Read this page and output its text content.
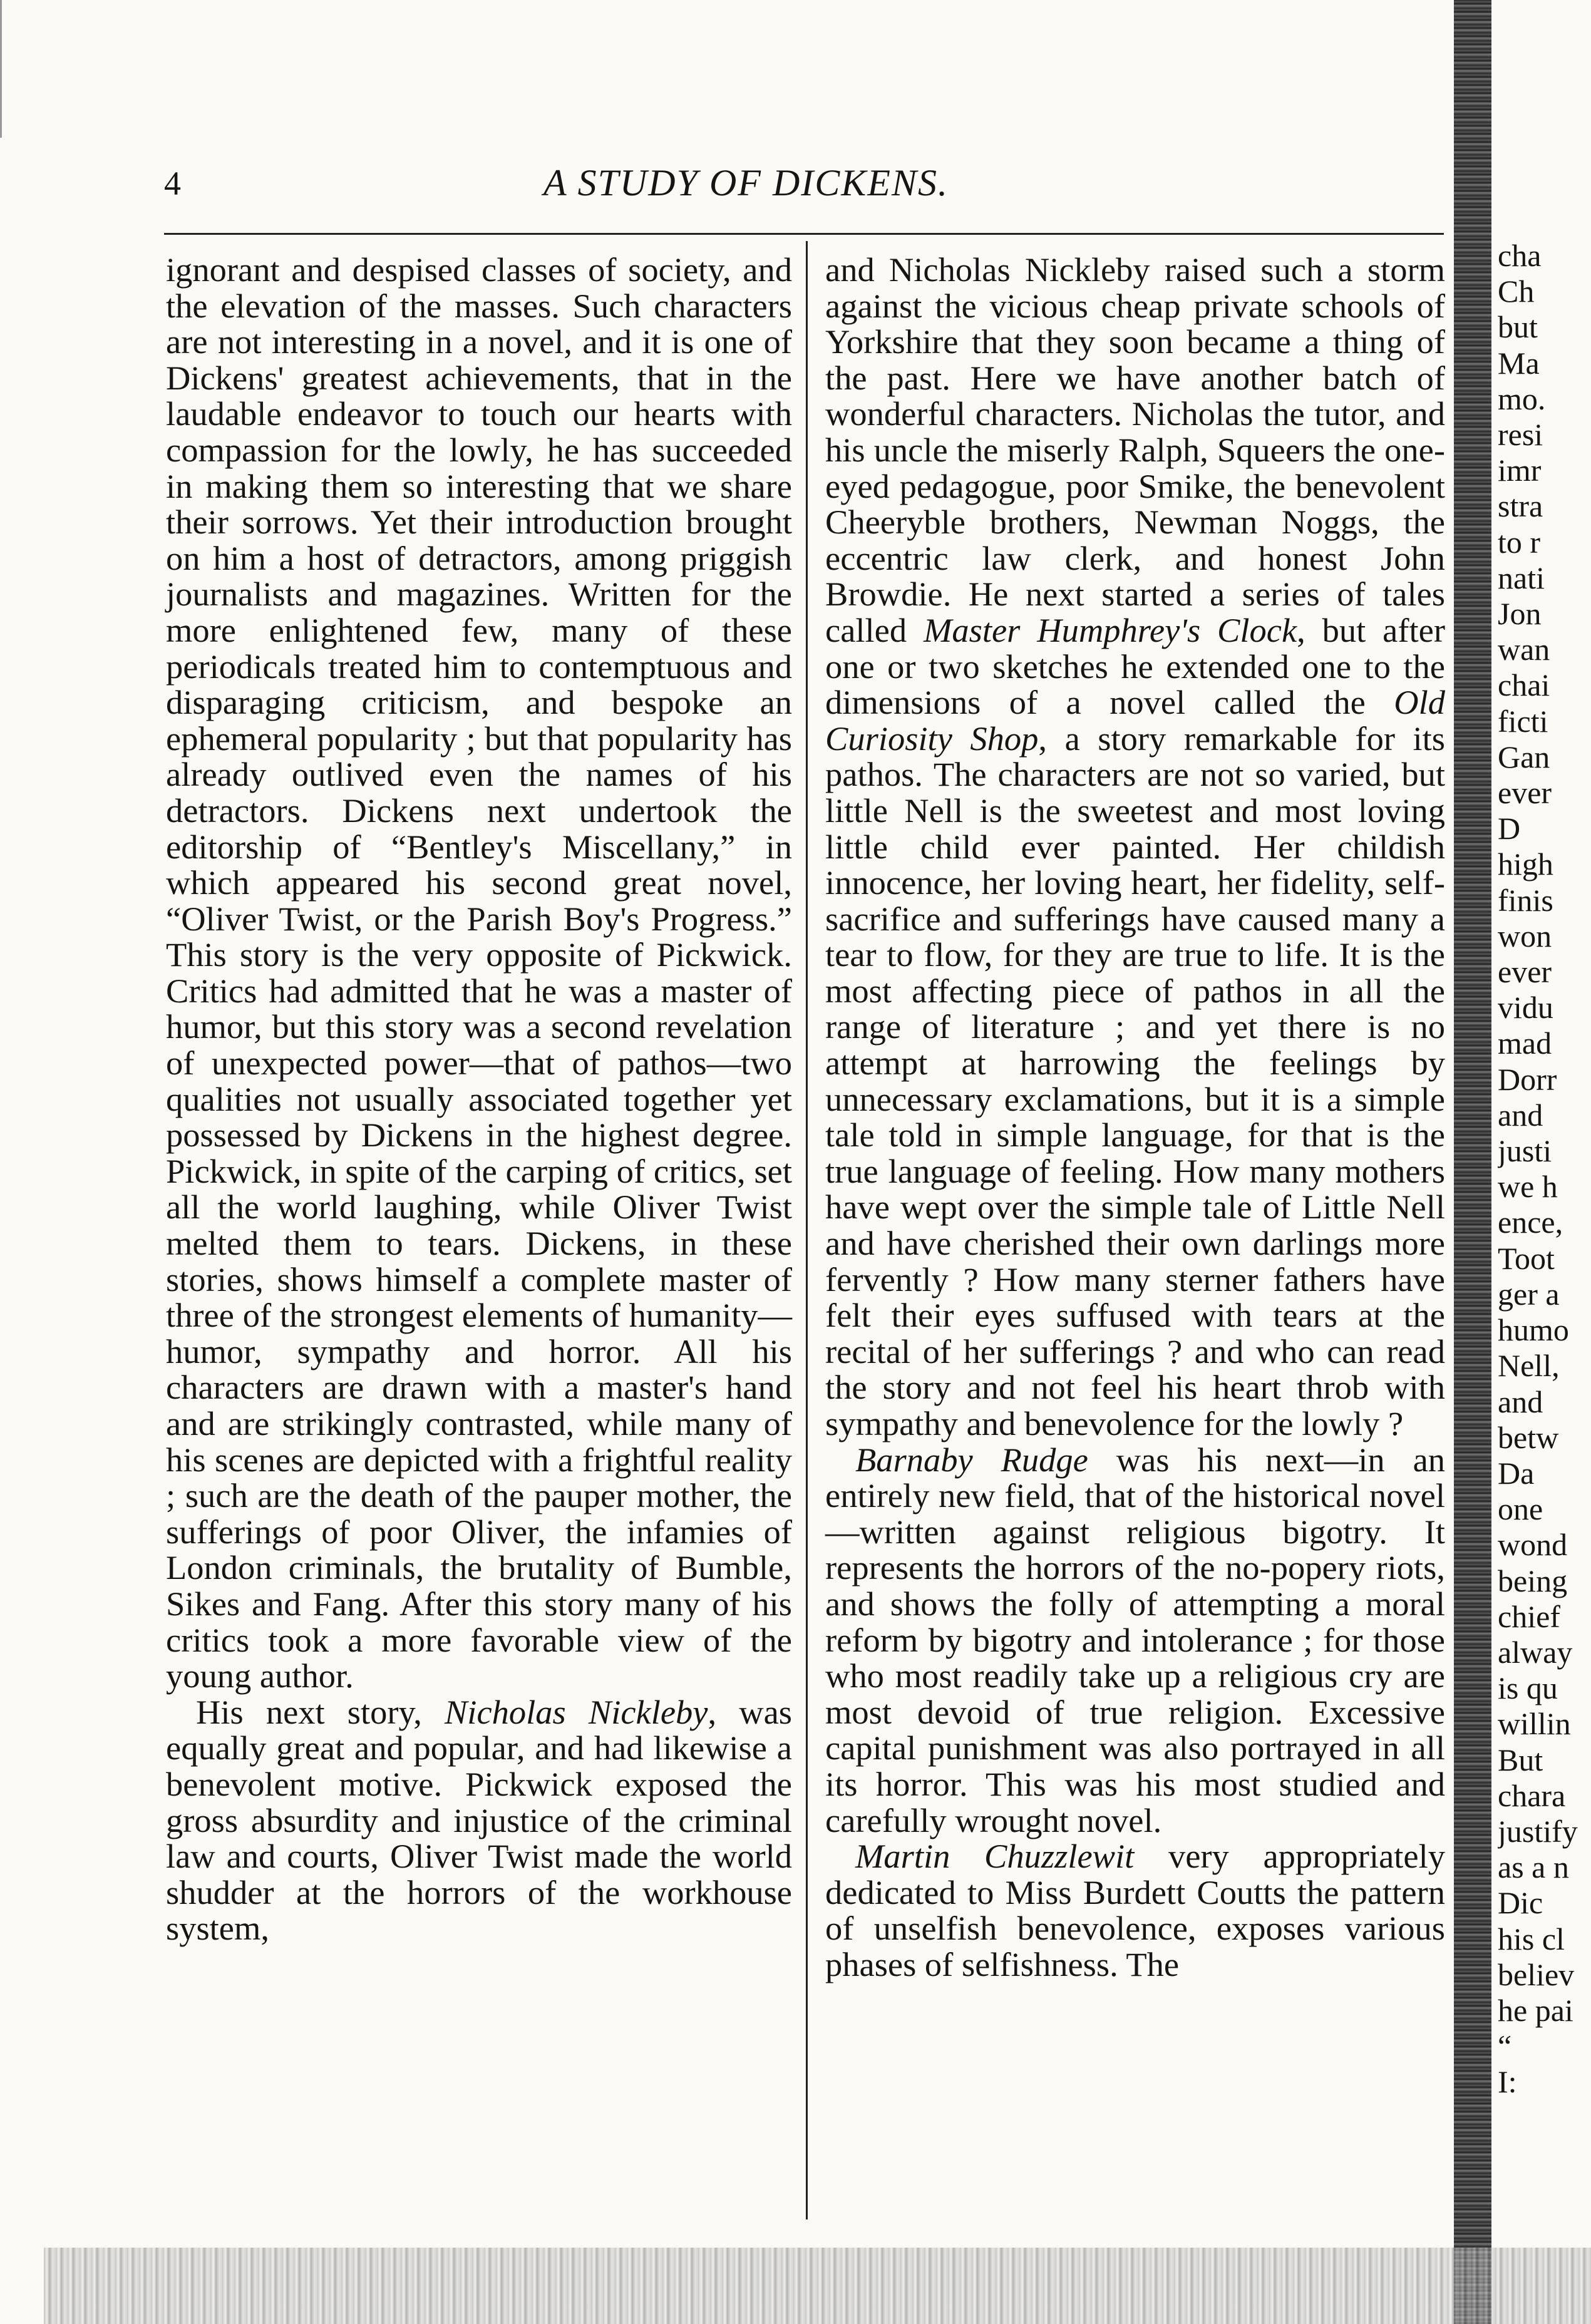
4	A STUDY OF DICKENS.

ignorant and despised classes of society, and the elevation of the masses. Such characters are not interesting in a novel, and it is one of Dickens' greatest achievements, that in the laudable endeavor to touch our hearts with compassion for the lowly, he has succeeded in making them so interesting that we share their sorrows. Yet their introduction brought on him a host of detractors, among priggish journalists and magazines. Written for the more enlightened few, many of these periodicals treated him to contemptuous and disparaging criticism, and bespoke an ephemeral popularity ; but that popularity has already outlived even the names of his detractors. Dickens next undertook the editorship of “Bentley's Miscellany,” in which appeared his second great novel, “Oliver Twist, or the Parish Boy's Progress.” This story is the very opposite of Pickwick. Critics had admitted that he was a master of humor, but this story was a second revelation of unexpected power—that of pathos—two qualities not usually associated together yet possessed by Dickens in the highest degree. Pickwick, in spite of the carping of critics, set all the world laughing, while Oliver Twist melted them to tears. Dickens, in these stories, shows himself a complete master of three of the strongest elements of humanity—humor, sympathy and horror. All his characters are drawn with a master's hand and are strikingly contrasted, while many of his scenes are depicted with a frightful reality ; such are the death of the pauper mother, the sufferings of poor Oliver, the infamies of London criminals, the brutality of Bumble, Sikes and Fang. After this story many of his critics took a more favorable view of the young author.

His next story, Nicholas Nickleby, was equally great and popular, and had likewise a benevolent motive. Pickwick exposed the gross absurdity and injustice of the criminal law and courts, Oliver Twist made the world shudder at the horrors of the workhouse system,

and Nicholas Nickleby raised such a storm against the vicious cheap private schools of Yorkshire that they soon became a thing of the past. Here we have another batch of wonderful characters. Nicholas the tutor, and his uncle the miserly Ralph, Squeers the one-eyed pedagogue, poor Smike, the benevolent Cheeryble brothers, Newman Noggs, the eccentric law clerk, and honest John Browdie. He next started a series of tales called Master Humphrey's Clock, but after one or two sketches he extended one to the dimensions of a novel called the Old Curiosity Shop, a story remarkable for its pathos. The characters are not so varied, but little Nell is the sweetest and most loving little child ever painted. Her childish innocence, her loving heart, her fidelity, self-sacrifice and sufferings have caused many a tear to flow, for they are true to life. It is the most affecting piece of pathos in all the range of literature ; and yet there is no attempt at harrowing the feelings by unnecessary exclamations, but it is a simple tale told in simple language, for that is the true language of feeling. How many mothers have wept over the simple tale of Little Nell and have cherished their own darlings more fervently ? How many sterner fathers have felt their eyes suffused with tears at the recital of her sufferings ? and who can read the story and not feel his heart throb with sympathy and benevolence for the lowly ?

Barnaby Rudge was his next—in an entirely new field, that of the historical novel—written against religious bigotry. It represents the horrors of the no-popery riots, and shows the folly of attempting a moral reform by bigotry and intolerance ; for those who most readily take up a religious cry are most devoid of true religion. Excessive capital punishment was also portrayed in all its horror. This was his most studied and carefully wrought novel.

Martin Chuzzlewit very appropriately dedicated to Miss Burdett Coutts the pattern of unselfish benevolence, exposes various phases of selfishness. The

cha
Ch
but
Ma
mo.
resi
imr
stra
to r
nati
Jon
wan
chai
ficti
Gan
ever
D
high
finis
won
ever
vidu
mad
Dorr
and
justi
we h
ence,
Toot
ger a
humo
Nell,
and
betw
Da
one
wond
being
chief
alway
is qu
willin
But
chara
justify
as a n
Dic
his cl
believ
he pai
“
I:
